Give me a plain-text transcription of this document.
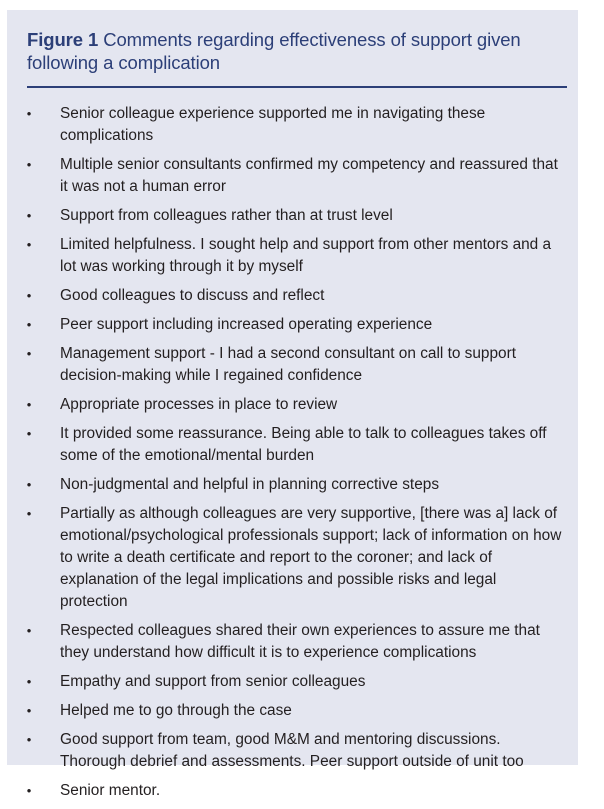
Figure 1 Comments regarding effectiveness of support given following a complication
• Senior colleague experience supported me in navigating these complications
• Multiple senior consultants confirmed my competency and reassured that it was not a human error
• Support from colleagues rather than at trust level
• Limited helpfulness. I sought help and support from other mentors and a lot was working through it by myself
• Good colleagues to discuss and reflect
• Peer support including increased operating experience
• Management support - I had a second consultant on call to support decision-making while I regained confidence
• Appropriate processes in place to review
• It provided some reassurance. Being able to talk to colleagues takes off some of the emotional/mental burden
• Non-judgmental and helpful in planning corrective steps
• Partially as although colleagues are very supportive, [there was a] lack of emotional/psychological professionals support; lack of information on how to write a death certificate and report to the coroner; and lack of explanation of the legal implications and possible risks and legal protection
• Respected colleagues shared their own experiences to assure me that they understand how difficult it is to experience complications
• Empathy and support from senior colleagues
• Helped me to go through the case
• Good support from team, good M&M and mentoring discussions. Thorough debrief and assessments. Peer support outside of unit too
• Senior mentor.
